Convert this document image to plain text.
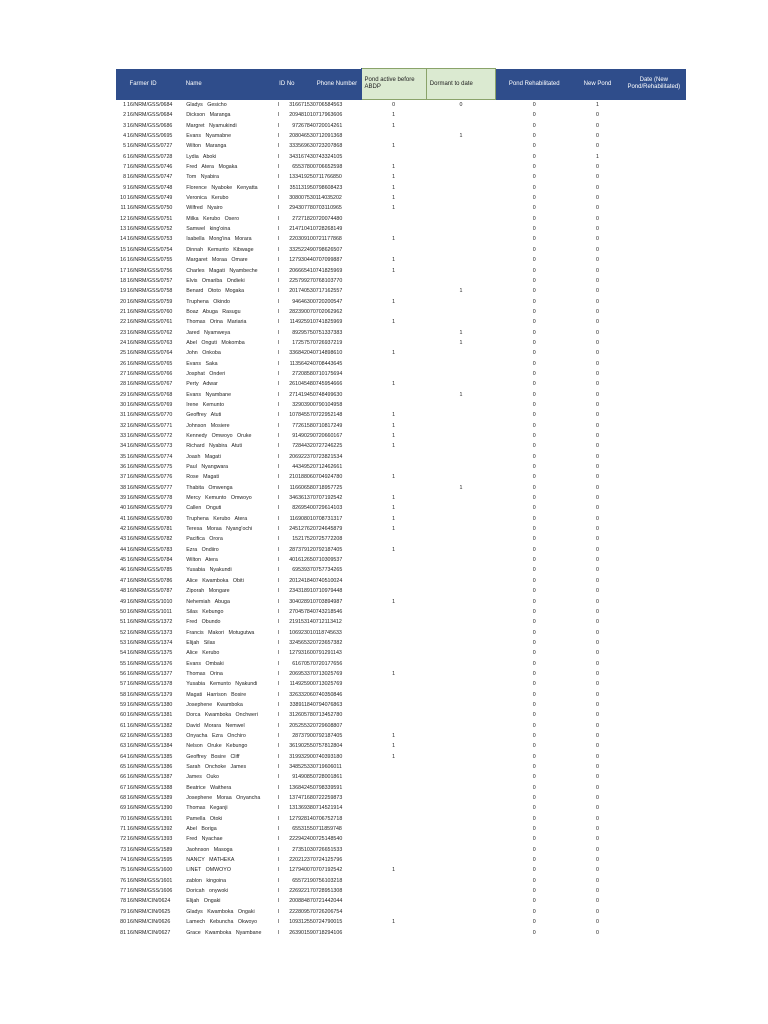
	Farmer ID	Name	ID No		Phone Number	Pond active before ABDP	Dormant to date	Pond Rehabilitated	New Pond	Date (New Pond/Rehabilitated)
1	16/NRM/GSS/0684	Gladys Gesicho	I	31667153	0706584563	0	0	0	1	
2	16/NRM/GSS/0684	Dickson Maranga	I	20948101	0717963606	1		0	0	
3	16/NRM/GSS/0686	Margret Nyamukindi	I	9726784	0720014261	1		0	0	
4	16/NRM/GSS/0695	Evans Nyamabne	I	20804653	0712091368		1	0	0	
5	16/NRM/GSS/0727	Wilton Maranga	I	33356963	0723207868	1		0	0	
6	16/NRM/GSS/0728	Lydia Aboki	I	34316743	0743324105			0	1	
7	16/NRM/GSS/0746	Fred Atera Mogaka	I	6553780	0706652598	1		0	0	
8	16/NRM/GSS/0747	Tom Nyabira	I	13341925	0711766850	1		0	0	
9	16/NRM/GSS/0748	Florence Nyaboke Kenyatta	I	35113195	0798608423	1		0	0	
10	16/NRM/GSS/0749	Veronica Kerubo	I	30800753	0114035202	1		0	0	
11	16/NRM/GSS/0750	Wilfred Nyairo	I	29430778	0703110965	1		0	0	
12	16/NRM/GSS/0751	Milka Kerubo Osero	I	2727182	0720074480			0	0	
13	16/NRM/GSS/0752	Samwel king'oina	I	21471041	0728268149			0	0	
14	16/NRM/GSS/0753	Isabella Mong'ina Morara	I	22030910	0721177868	1		0	0	
15	16/NRM/GSS/0754	Dinnah Kemunto Kibwage	I	33252249	0798626507			0	0	
16	16/NRM/GSS/0755	Margaret Moraa Omare	I	12793044	0707099887	1		0	0	
17	16/NRM/GSS/0756	Charles Magati Nyambeche	I	20666541	0741825969	1		0	0	
18	16/NRM/GSS/0757	Elvis Omariba Ondieki	I	22579927	0768103770			0	0	
19	16/NRM/GSS/0758	Benard Ototo Mogaka	I	20174053	0717162557		1	0	0	
20	16/NRM/GSS/0759	Truphena Okindo	I	9464630	0720200547	1		0	0	
21	16/NRM/GSS/0760	Boaz Abuga Rasugu	I	28239007	0702062962			0	0	
22	16/NRM/GSS/0761	Thomas Orina Mariaria	I	11492591	0741825969	1		0	0	
23	16/NRM/GSS/0762	Jared Nyamweya	I	8929575	0751337383		1	0	0	
24	16/NRM/GSS/0763	Abel Onguti Mokomba	I	1725757	0726937219		1	0	0	
25	16/NRM/GSS/0764	John Onkoba	I	33684204	0714898610	1		0	0	
26	16/NRM/GSS/0765	Evans Saka	I	11356424	0708443645			0	0	
27	16/NRM/GSS/0766	Josphat Onderi	I	2720858	0710175694			0	0	
28	16/NRM/GSS/0767	Perty Adwar	I	26104548	0745954666	1		0	0	
29	16/NRM/GSS/0768	Evans Nyambane	I	27141945	0748499630		1	0	0	
30	16/NRM/GSS/0769	Irene Kemunto	I	3290390	0790104958			0	0	
31	16/NRM/GSS/0770	Geoffrey Atuti	I	10784557	0722952148	1		0	0	
32	16/NRM/GSS/0771	Johnson Mosiere	I	7726158	0710817249	1		0	0	
33	16/NRM/GSS/0772	Kennedy Omwoyo Oruke	I	9149029	0720660167	1		0	0	
34	16/NRM/GSS/0773	Richard Nyabira Atuti	I	7284432	0727246225	1		0	0	
35	16/NRM/GSS/0774	Joash Magati	I	20692237	0723821534			0	0	
36	16/NRM/GSS/0775	Paul Nyangwara	I	4434952	0712462661			0	0	
37	16/NRM/GSS/0776	Rose Magati	I	21018806	0704924780	1		0	0	
38	16/NRM/GSS/0777	Thabita Omwenga	I	11660658	0718957725		1	0	0	
39	16/NRM/GSS/0778	Mercy Kemunto Omwoyo	I	34636137	0707192542	1		0	0	
40	16/NRM/GSS/0779	Callen Onguti	I	8269540	0729614103	1		0	0	
41	16/NRM/GSS/0780	Truphena Kerubo Atera	I	11690801	0708731317	1		0	0	
42	16/NRM/GSS/0781	Teresa Moraa Nyang'ochi	I	24512762	0724645879	1		0	0	
43	16/NRM/GSS/0782	Pacifica Orora	I	1521752	0725772208			0	0	
44	16/NRM/GSS/0783	Ezra Ondiiro	I	28737912	0792187405	1		0	0	
45	16/NRM/GSS/0784	Wilton Atera	I	40161265	0710309537			0	0	
46	16/NRM/GSS/0785	Yusabia Nyakundi	I	6953937	0757734265			0	0	
47	16/NRM/GSS/0786	Alice Kwamboka Obiti	I	20124184	0740510024			0	0	
48	16/NRM/GSS/0787	Ziporah Mongare	I	23431891	0710979448			0	0	
49	16/NRM/GSS/1010	Nehemiah Abuga	I	30402891	0703894987	1		0	0	
50	16/NRM/GSS/1011	Silas Kebungo	I	27045784	0743218546			0	0	
51	16/NRM/GSS/1372	Fred Obundo	I	21915314	0712113412			0	0	
52	16/NRM/GSS/1373	Francis Makori Motugutwa	I	10692301	0118745633			0	0	
53	16/NRM/GSS/1374	Elijah Silas	I	32456532	0723657382			0	0	
54	16/NRM/GSS/1375	Alice Kerubo	I	12793160	0791291143			0	0	
55	16/NRM/GSS/1376	Evans Ombaki	I	6167057	0720177656			0	0	
56	16/NRM/GSS/1377	Thomas Orina	I	20695337	0713025769	1		0	0	
57	16/NRM/GSS/1378	Yusabia Kemunto Nyakundi	I	11492590	0713025769			0	0	
58	16/NRM/GSS/1379	Magati Harrison Bosire	I	32633206	0740350846			0	0	
59	16/NRM/GSS/1380	Josephene Kwamboka	I	33891184	0794076863			0	0	
60	16/NRM/GSS/1381	Dorca Kwamboka Onchweri	I	31260578	0713452780			0	0	
61	16/NRM/GSS/1382	David Morara Nemwel	I	20525532	0729608807			0	0	
62	16/NRM/GSS/1383	Onyacha Ezra Onchiro	I	2873790	0792187405	1		0	0	
63	16/NRM/GSS/1384	Nelson Oruke Kebungo	I	36190255	0757812804	1		0	0	
64	16/NRM/GSS/1385	Geoffrey Bosire Cliff	I	31993290	0740393180	1		0	0	
65	16/NRM/GSS/1386	Sarah Onchoke James	I	34852533	0719606011			0	0	
66	16/NRM/GSS/1387	James Ouko	I	9149085	0728001861			0	0	
67	16/NRM/GSS/1388	Beatrice Waithera	I	13684245	0798339591			0	0	
68	16/NRM/GSS/1389	Josephene Moraa Onyancha	I	13747168	0722259873			0	0	
69	16/NRM/GSS/1390	Thomas Keganji	I	13136938	0714521914			0	0	
70	16/NRM/GSS/1391	Pamella Otoki	I	12792814	0706752718			0	0	
71	16/NRM/GSS/1392	Abel Boriga	I	6553155	0711859748			0	0	
72	16/NRM/GSS/1393	Fred Nyachae	I	22294240	0725148540			0	0	
73	16/NRM/GSS/1589	Jaohnson Masoga	I	2735103	0726651533			0	0	
74	16/NRM/GSS/1595	NANCY MATHEKA	I	22021237	0724125796			0	0	
75	16/NRM/GSS/1600	LINET OMWOYO	I	12794007	0707192542	1		0	0	
76	16/NRM/GSS/1601	zablon kingoina	I	6557219	0756103218			0	0	
77	16/NRM/GSS/1606	Doricah onywoki	I	22692217	0728951308			0	0	
78	16/NRM/CIN/0624	Elijah Ongaki	I	20088487	0721442044			0	0	
79	16/NRM/CIN/0625	Gladys Kwamboka Ongaki	I	22280957	0726206754			0	0	
80	16/NRM/CIN/0626	Lamech Kebuncha Okwoyo	I	10931255	0724790015	1		0	0	
81	16/NRM/CIN/0627	Grace Kwamboka Nyambane	I	26390159	0718294106			0	0	
